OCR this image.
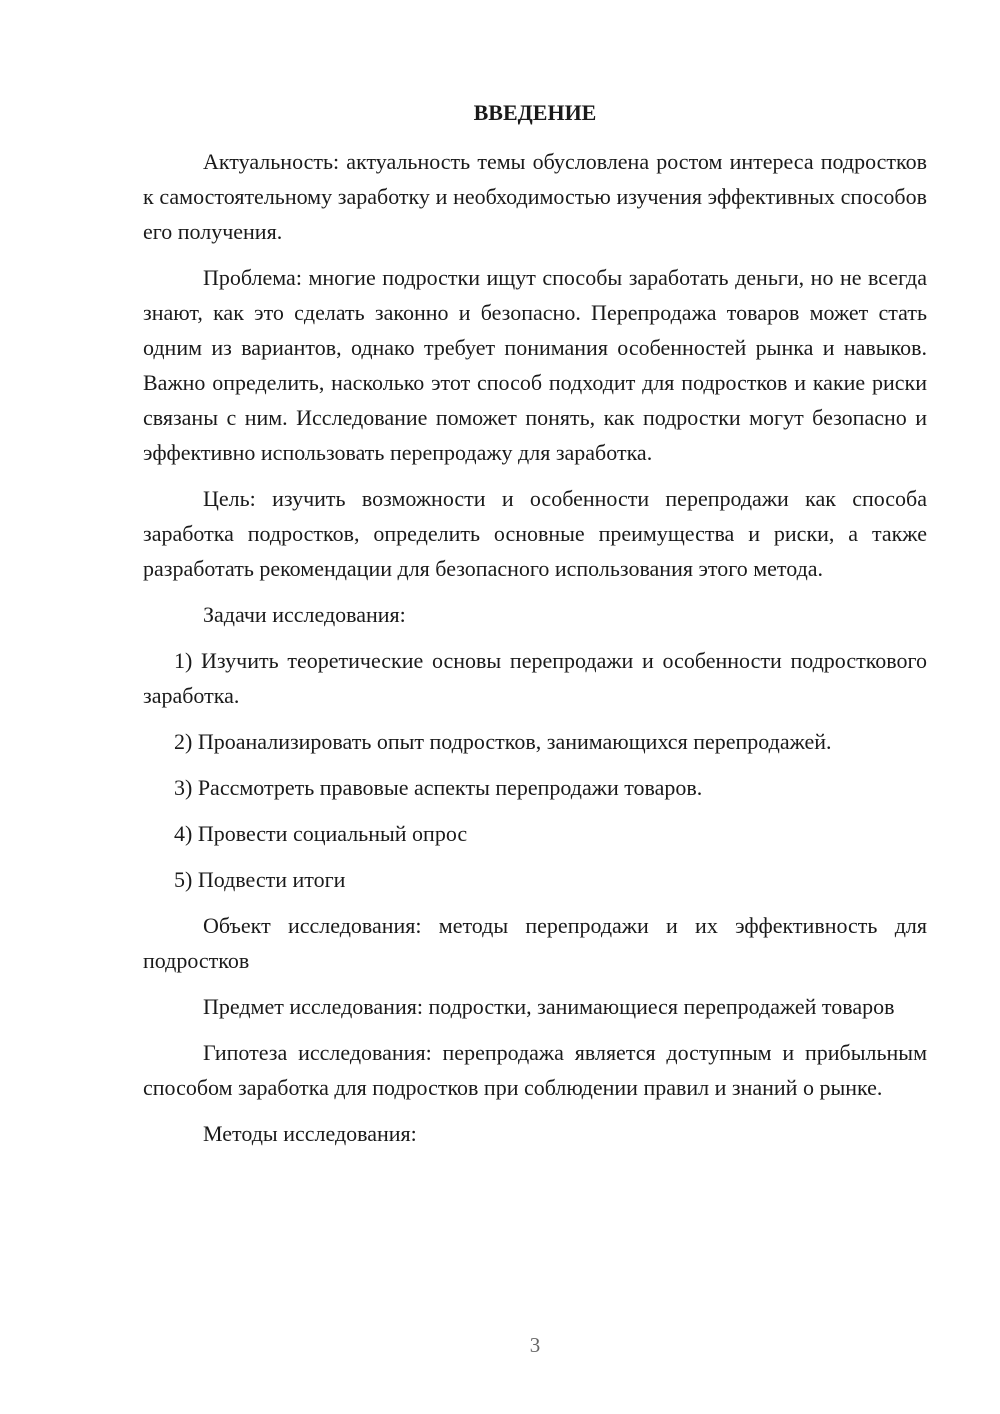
ВВЕДЕНИЕ

Актуальность: актуальность темы обусловлена ростом интереса подростков к самостоятельному заработку и необходимостью изучения эффективных способов его получения.

Проблема: многие подростки ищут способы заработать деньги, но не всегда знают, как это сделать законно и безопасно. Перепродажа товаров может стать одним из вариантов, однако требует понимания особенностей рынка и навыков. Важно определить, насколько этот способ подходит для подростков и какие риски связаны с ним. Исследование поможет понять, как подростки могут безопасно и эффективно использовать перепродажу для заработка.

Цель: изучить возможности и особенности перепродажи как способа заработка подростков, определить основные преимущества и риски, а также разработать рекомендации для безопасного использования этого метода.

Задачи исследования:

1) Изучить теоретические основы перепродажи и особенности подросткового заработка.

2) Проанализировать опыт подростков, занимающихся перепродажей.

3) Рассмотреть правовые аспекты перепродажи товаров.

4) Провести социальный опрос

5) Подвести итоги

Объект исследования: методы перепродажи и их эффективность для подростков

Предмет исследования: подростки, занимающиеся перепродажей товаров

Гипотеза исследования: перепродажа является доступным и прибыльным способом заработка для подростков при соблюдении правил и знаний о рынке.

Методы исследования:

3
